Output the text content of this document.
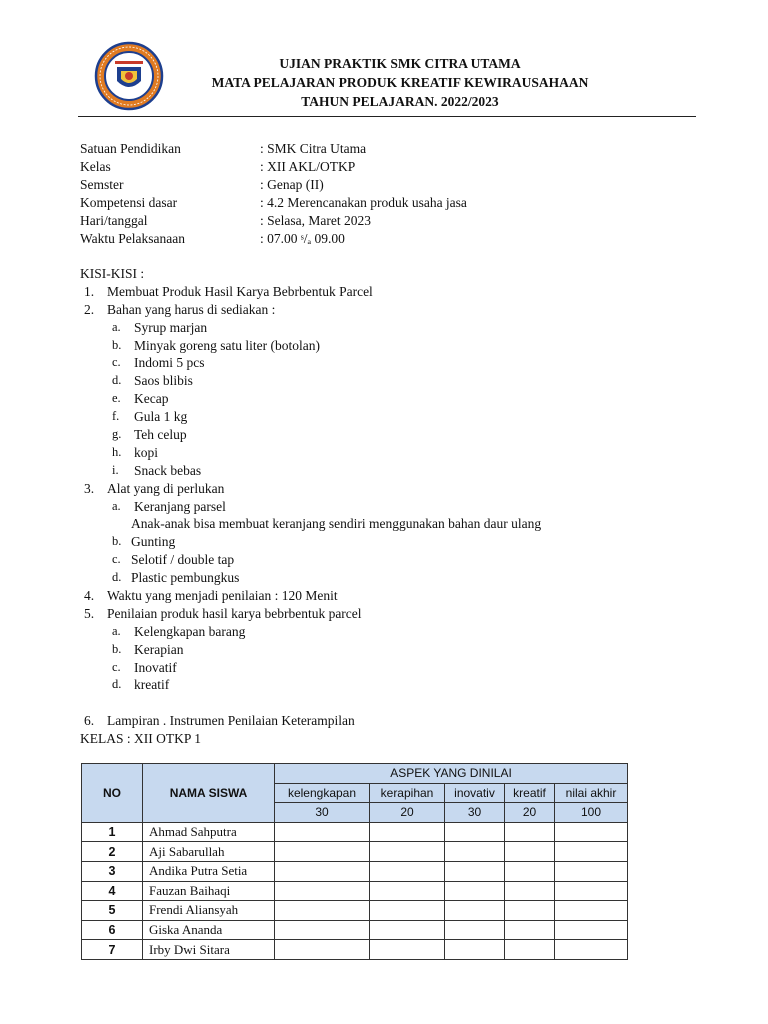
UJIAN PRAKTIK SMK CITRA UTAMA
MATA PELAJARAN PRODUK KREATIF KEWIRAUSAHAAN
TAHUN PELAJARAN. 2022/2023
Satuan Pendidikan	: SMK Citra Utama
Kelas	: XII AKL/OTKP
Semster	: Genap (II)
Kompetensi dasar	: 4.2 Merencanakan produk usaha jasa
Hari/tanggal	: Selasa, Maret 2023
Waktu Pelaksanaan	: 07.00 ˢ/ₐ 09.00
KISI-KISI :
1. Membuat Produk Hasil Karya Bebrbentuk Parcel
2. Bahan yang harus di sediakan :
a. Syrup marjan
b. Minyak goreng satu liter (botolan)
c. Indomi 5 pcs
d. Saos blibis
e. Kecap
f. Gula 1 kg
g. Teh celup
h. kopi
i. Snack bebas
3. Alat yang di perlukan
a. Keranjang parsel
Anak-anak bisa membuat keranjang sendiri menggunakan bahan daur ulang
b. Gunting
c. Selotif / double tap
d. Plastic pembungkus
4. Waktu yang menjadi penilaian : 120 Menit
5. Penilaian produk hasil karya bebrbentuk parcel
a. Kelengkapan barang
b. Kerapian
c. Inovatif
d. kreatif
6. Lampiran . Instrumen Penilaian Keterampilan
KELAS : XII OTKP 1
NO	NAMA SISWA	ASPEK YANG DINILAI				
		kelengkapan	kerapihan	inovativ	kreatif	nilai akhir
		30	20	30	20	100
1	Ahmad Sahputra					
2	Aji Sabarullah					
3	Andika Putra Setia					
4	Fauzan Baihaqi					
5	Frendi Aliansyah					
6	Giska Ananda					
7	Irby Dwi Sitara					
